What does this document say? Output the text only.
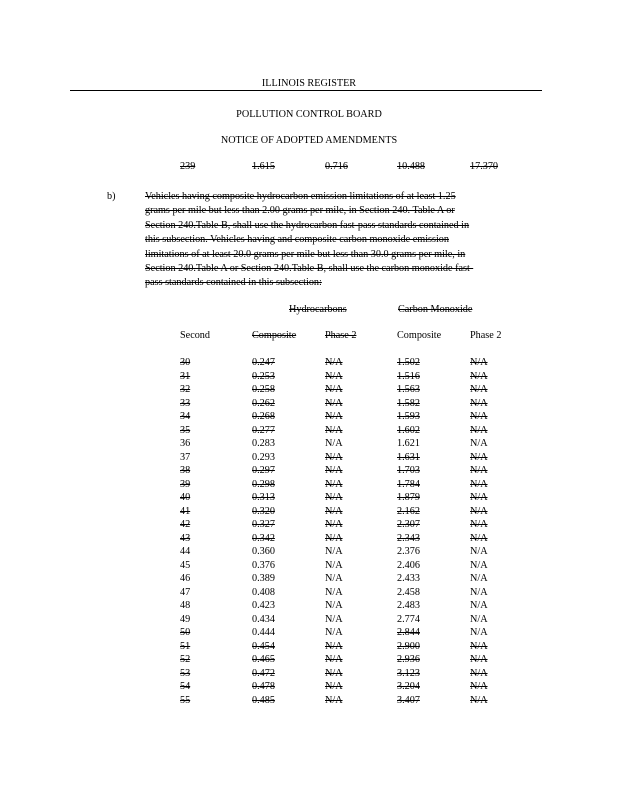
ILLINOIS REGISTER
POLLUTION CONTROL BOARD
NOTICE OF ADOPTED AMENDMENTS
239	1.615	0.716	10.488	17.370
b)	Vehicles having composite hydrocarbon emission limitations of at least 1.25
grams per mile but less than 2.00 grams per mile, in Section 240. Table A or
Section 240.Table B, shall use the hydrocarbon fast-pass standards contained in
this subsection. Vehicles having and composite carbon monoxide emission
limitations of at least 20.0 grams per mile but less than 30.0 grams per mile, in
Section 240.Table A or Section 240.Table B, shall use the carbon monoxide fast-
pass standards contained in this subsection:
Hydrocarbons	Carbon Monoxide
Second	Composite	Phase 2	Composite	Phase 2
30	0.247	N/A	1.502	N/A
31	0.253	N/A	1.516	N/A
32	0.258	N/A	1.563	N/A
33	0.262	N/A	1.582	N/A
34	0.268	N/A	1.593	N/A
35	0.277	N/A	1.602	N/A
36	0.283	N/A	1.621	N/A
37	0.293	N/A	1.631	N/A
38	0.297	N/A	1.703	N/A
39	0.298	N/A	1.784	N/A
40	0.313	N/A	1.879	N/A
41	0.320	N/A	2.162	N/A
42	0.327	N/A	2.307	N/A
43	0.342	N/A	2.343	N/A
44	0.360	N/A	2.376	N/A
45	0.376	N/A	2.406	N/A
46	0.389	N/A	2.433	N/A
47	0.408	N/A	2.458	N/A
48	0.423	N/A	2.483	N/A
49	0.434	N/A	2.774	N/A
50	0.444	N/A	2.844	N/A
51	0.454	N/A	2.900	N/A
52	0.465	N/A	2.936	N/A
53	0.472	N/A	3.123	N/A
54	0.478	N/A	3.204	N/A
55	0.485	N/A	3.407	N/A
